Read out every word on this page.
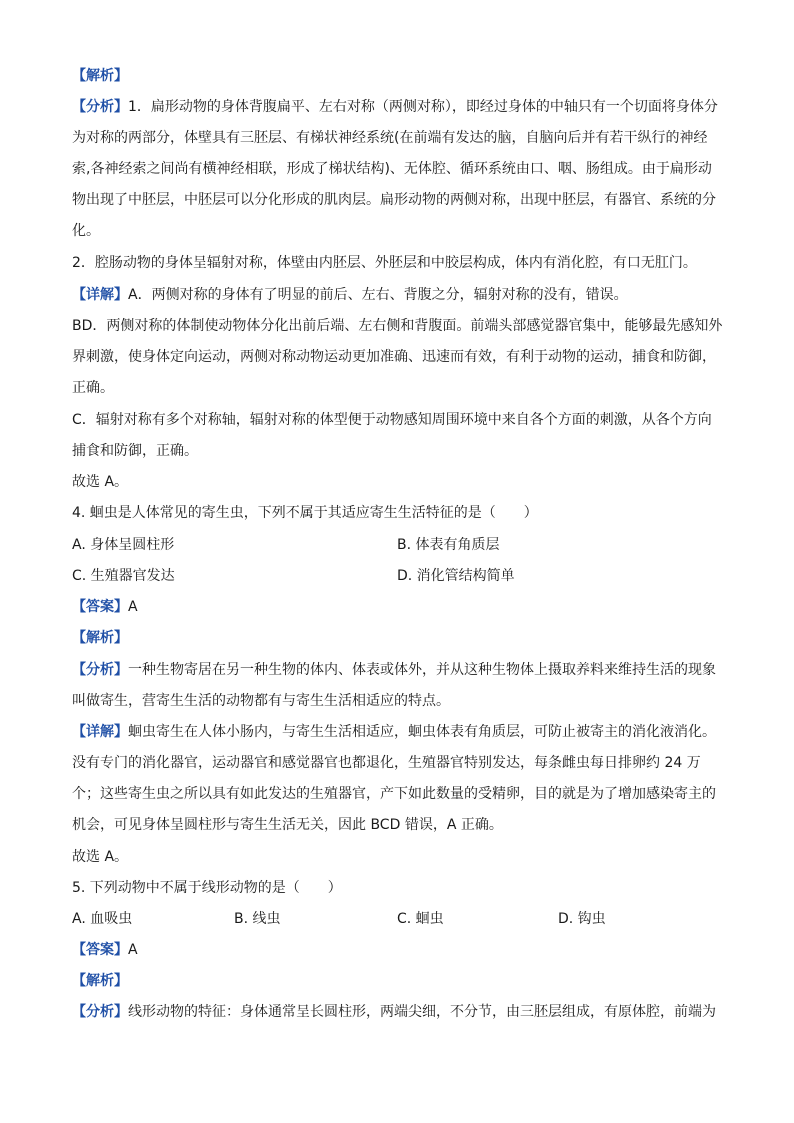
【解析】
【分析】1．扁形动物的身体背腹扁平、左右对称（两侧对称），即经过身体的中轴只有一个切面将身体分
为对称的两部分，体壁具有三胚层、有梯状神经系统(在前端有发达的脑，自脑向后并有若干纵行的神经
索,各神经索之间尚有横神经相联，形成了梯状结构)、无体腔、循环系统由口、咽、肠组成。由于扁形动
物出现了中胚层，中胚层可以分化形成的肌肉层。扁形动物的两侧对称，出现中胚层，有器官、系统的分
化。
2．腔肠动物的身体呈辐射对称，体壁由内胚层、外胚层和中胶层构成，体内有消化腔，有口无肛门。
【详解】A．两侧对称的身体有了明显的前后、左右、背腹之分，辐射对称的没有，错误。
BD．两侧对称的体制使动物体分化出前后端、左右侧和背腹面。前端头部感觉器官集中，能够最先感知外
界刺激，使身体定向运动，两侧对称动物运动更加准确、迅速而有效，有利于动物的运动，捕食和防御，
正确。
C．辐射对称有多个对称轴，辐射对称的体型便于动物感知周围环境中来自各个方面的刺激，从各个方向
捕食和防御，正确。
故选 A。
4. 蛔虫是人体常见的寄生虫，下列不属于其适应寄生生活特征的是（　　）
【答案】A
【解析】
【分析】一种生物寄居在另一种生物的体内、体表或体外，并从这种生物体上摄取养料来维持生活的现象
叫做寄生，营寄生生活的动物都有与寄生生活相适应的特点。
【详解】蛔虫寄生在人体小肠内，与寄生生活相适应，蛔虫体表有角质层，可防止被寄主的消化液消化。
没有专门的消化器官，运动器官和感觉器官也都退化，生殖器官特别发达，每条雌虫每日排卵约 24 万
个；这些寄生虫之所以具有如此发达的生殖器官，产下如此数量的受精卵，目的就是为了增加感染寄主的
机会，可见身体呈圆柱形与寄生生活无关，因此 BCD 错误，A 正确。
故选 A。
5. 下列动物中不属于线形动物的是（　　）
【答案】A
【解析】
【分析】线形动物的特征：身体通常呈长圆柱形，两端尖细，不分节，由三胚层组成，有原体腔，前端为
A. 身体呈圆柱形	B. 体表有角质层
C. 生殖器官发达	D. 消化管结构简单
A. 血吸虫	B. 线虫	C. 蛔虫	D. 钩虫
